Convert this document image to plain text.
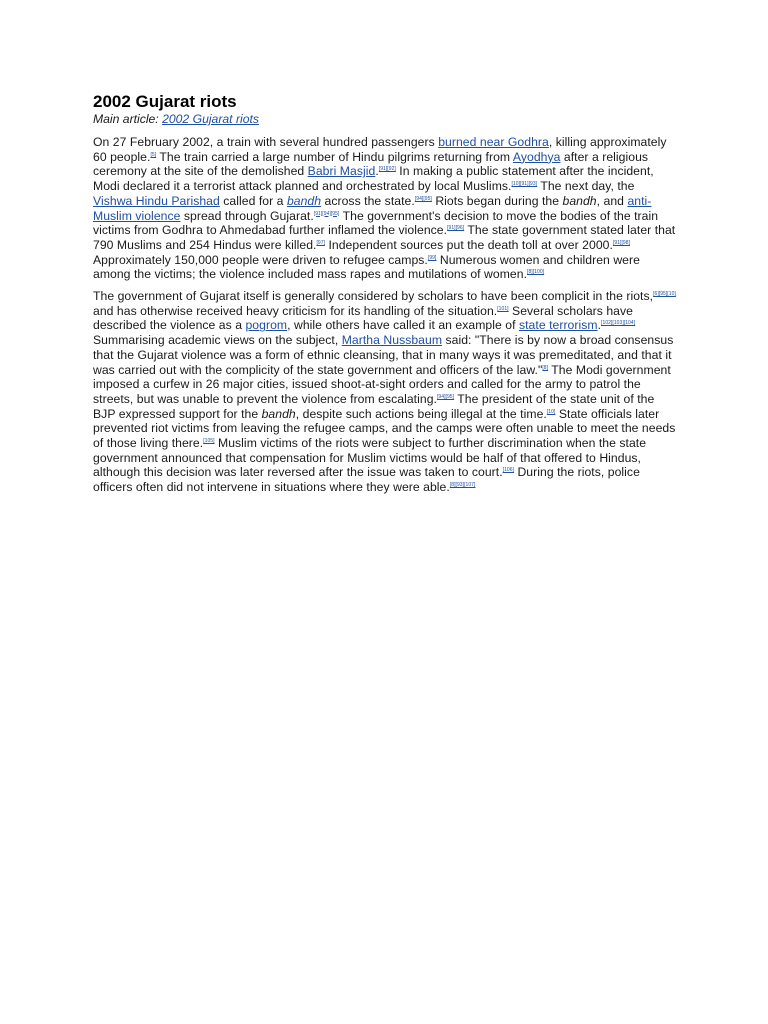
2002 Gujarat riots
Main article: 2002 Gujarat riots

On 27 February 2002, a train with several hundred passengers burned near Godhra, killing approximately 60 people.[5] The train carried a large number of Hindu pilgrims returning from Ayodhya after a religious ceremony at the site of the demolished Babri Masjid.[91][92] In making a public statement after the incident, Modi declared it a terrorist attack planned and orchestrated by local Muslims.[10][91][93] The next day, the Vishwa Hindu Parishad called for a bandh across the state.[94][95] Riots began during the bandh, and anti-Muslim violence spread through Gujarat.[91][94][95] The government's decision to move the bodies of the train victims from Godhra to Ahmedabad further inflamed the violence.[91][96] The state government stated later that 790 Muslims and 254 Hindus were killed.[97] Independent sources put the death toll at over 2000.[91][98] Approximately 150,000 people were driven to refugee camps.[99] Numerous women and children were among the victims; the violence included mass rapes and mutilations of women.[8][100]

The government of Gujarat itself is generally considered by scholars to have been complicit in the riots,[6][95][10] and has otherwise received heavy criticism for its handling of the situation.[101] Several scholars have described the violence as a pogrom, while others have called it an example of state terrorism.[102][103][104] Summarising academic views on the subject, Martha Nussbaum said: "There is by now a broad consensus that the Gujarat violence was a form of ethnic cleansing, that in many ways it was premeditated, and that it was carried out with the complicity of the state government and officers of the law."[8] The Modi government imposed a curfew in 26 major cities, issued shoot-at-sight orders and called for the army to patrol the streets, but was unable to prevent the violence from escalating.[94][95] The president of the state unit of the BJP expressed support for the bandh, despite such actions being illegal at the time.[10] State officials later prevented riot victims from leaving the refugee camps, and the camps were often unable to meet the needs of those living there.[105] Muslim victims of the riots were subject to further discrimination when the state government announced that compensation for Muslim victims would be half of that offered to Hindus, although this decision was later reversed after the issue was taken to court.[106] During the riots, police officers often did not intervene in situations where they were able.[8][93][107]
